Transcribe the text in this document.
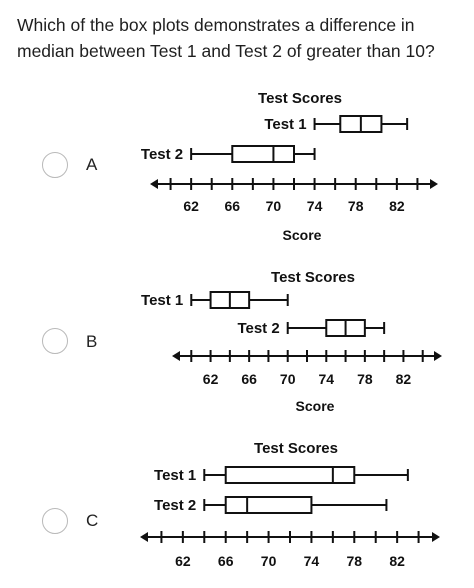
Which of the box plots demonstrates a difference in median between Test 1 and Test 2 of greater than 10?
A
Test Scores
62 66 70 74 78 82
Score
Test 1
Test 2
B
Test Scores
62 66 70 74 78 82
Score
Test 1
Test 2
C
Test Scores
62 66 70 74 78 82
Test 1
Test 2
